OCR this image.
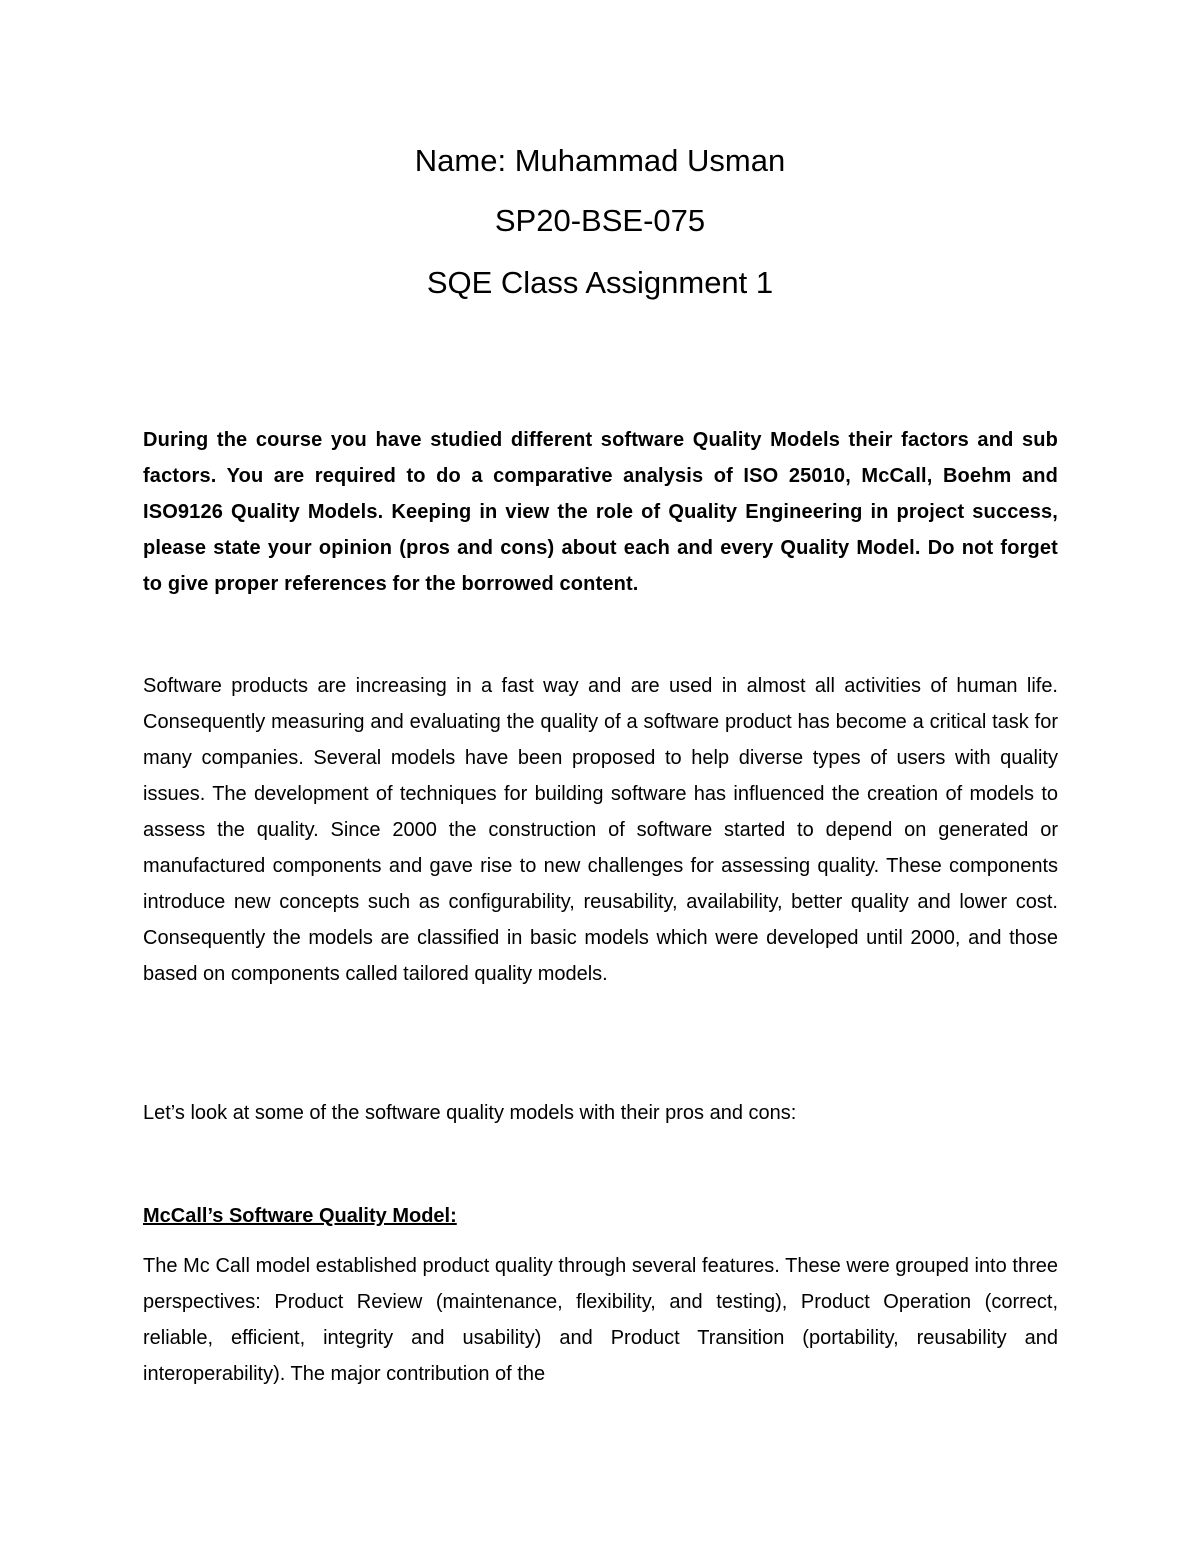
Name: Muhammad Usman
SP20-BSE-075
SQE Class Assignment 1

During the course you have studied different software Quality Models their factors and sub factors. You are required to do a comparative analysis of ISO 25010, McCall, Boehm and ISO9126 Quality Models. Keeping in view the role of Quality Engineering in project success, please state your opinion (pros and cons) about each and every Quality Model. Do not forget to give proper references for the borrowed content.

Software products are increasing in a fast way and are used in almost all activities of human life. Consequently measuring and evaluating the quality of a software product has become a critical task for many companies. Several models have been proposed to help diverse types of users with quality issues. The development of techniques for building software has influenced the creation of models to assess the quality. Since 2000 the construction of software started to depend on generated or manufactured components and gave rise to new challenges for assessing quality. These components introduce new concepts such as configurability, reusability, availability, better quality and lower cost. Consequently the models are classified in basic models which were developed until 2000, and those based on components called tailored quality models.

Let’s look at some of the software quality models with their pros and cons:

McCall’s Software Quality Model:

The Mc Call model established product quality through several features. These were grouped into three perspectives: Product Review (maintenance, flexibility, and testing), Product Operation (correct, reliable, efficient, integrity and usability) and Product Transition (portability, reusability and interoperability). The major contribution of the
